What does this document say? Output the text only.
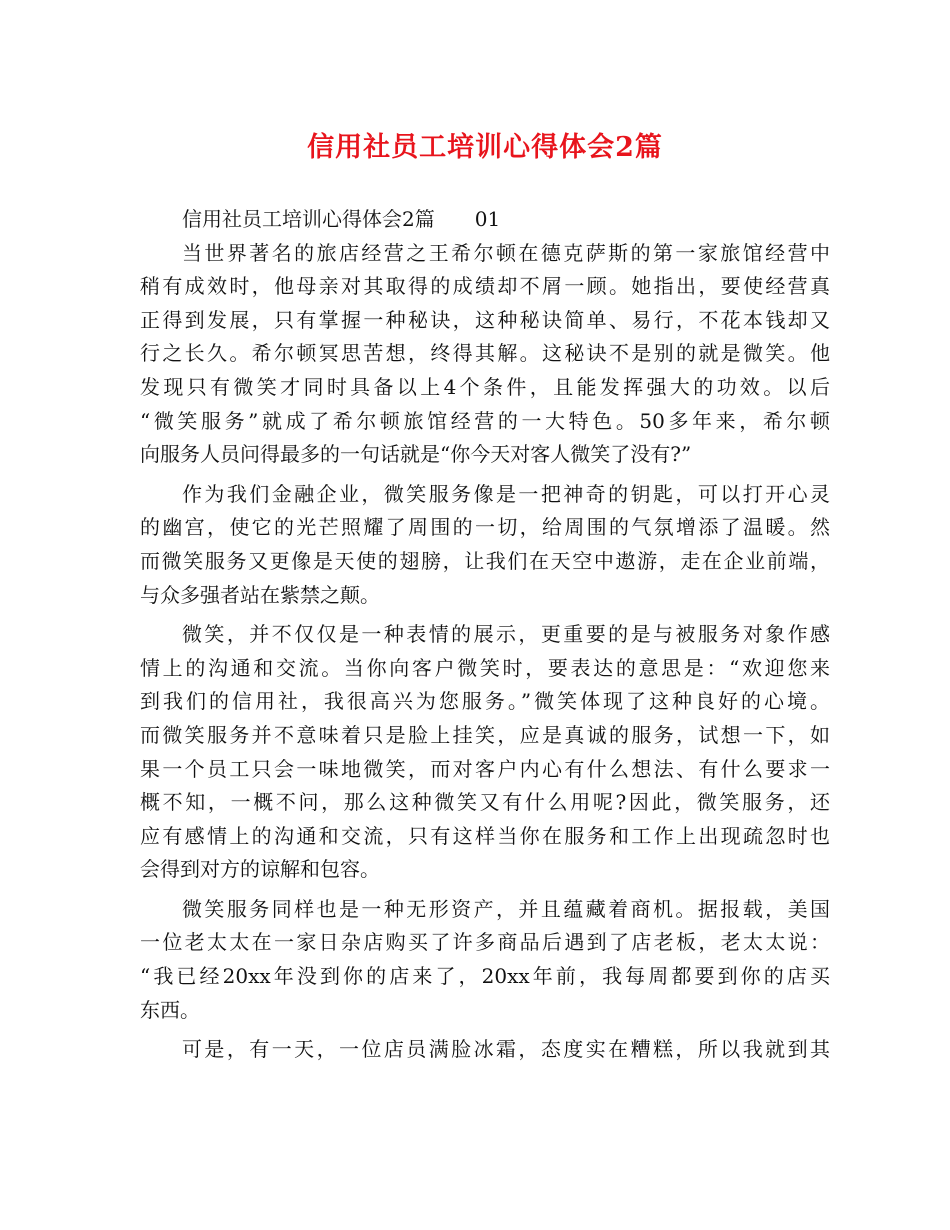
信用社员工培训心得体会2篇
信用社员工培训心得体会2篇 01
当世界著名的旅店经营之王希尔顿在德克萨斯的第一家旅馆经营中
稍有成效时，他母亲对其取得的成绩却不屑一顾。她指出，要使经营真
正得到发展，只有掌握一种秘诀，这种秘诀简单、易行，不花本钱却又
行之长久。希尔顿冥思苦想，终得其解。这秘诀不是别的就是微笑。他
发现只有微笑才同时具备以上4个条件，且能发挥强大的功效。以后
“微笑服务”就成了希尔顿旅馆经营的一大特色。50多年来，希尔顿
向服务人员问得最多的一句话就是“你今天对客人微笑了没有?”
作为我们金融企业，微笑服务像是一把神奇的钥匙，可以打开心灵
的幽宫，使它的光芒照耀了周围的一切，给周围的气氛增添了温暖。然
而微笑服务又更像是天使的翅膀，让我们在天空中遨游，走在企业前端，
与众多强者站在紫禁之颠。
微笑，并不仅仅是一种表情的展示，更重要的是与被服务对象作感
情上的沟通和交流。当你向客户微笑时，要表达的意思是：“欢迎您来
到我们的信用社，我很高兴为您服务。”微笑体现了这种良好的心境。
而微笑服务并不意味着只是脸上挂笑，应是真诚的服务，试想一下，如
果一个员工只会一味地微笑，而对客户内心有什么想法、有什么要求一
概不知，一概不问，那么这种微笑又有什么用呢?因此，微笑服务，还
应有感情上的沟通和交流，只有这样当你在服务和工作上出现疏忽时也
会得到对方的谅解和包容。
微笑服务同样也是一种无形资产，并且蕴藏着商机。据报载，美国
一位老太太在一家日杂店购买了许多商品后遇到了店老板，老太太说：
“我已经20xx年没到你的店来了，20xx年前，我每周都要到你的店买
东西。
可是，有一天，一位店员满脸冰霜，态度实在糟糕，所以我就到其
